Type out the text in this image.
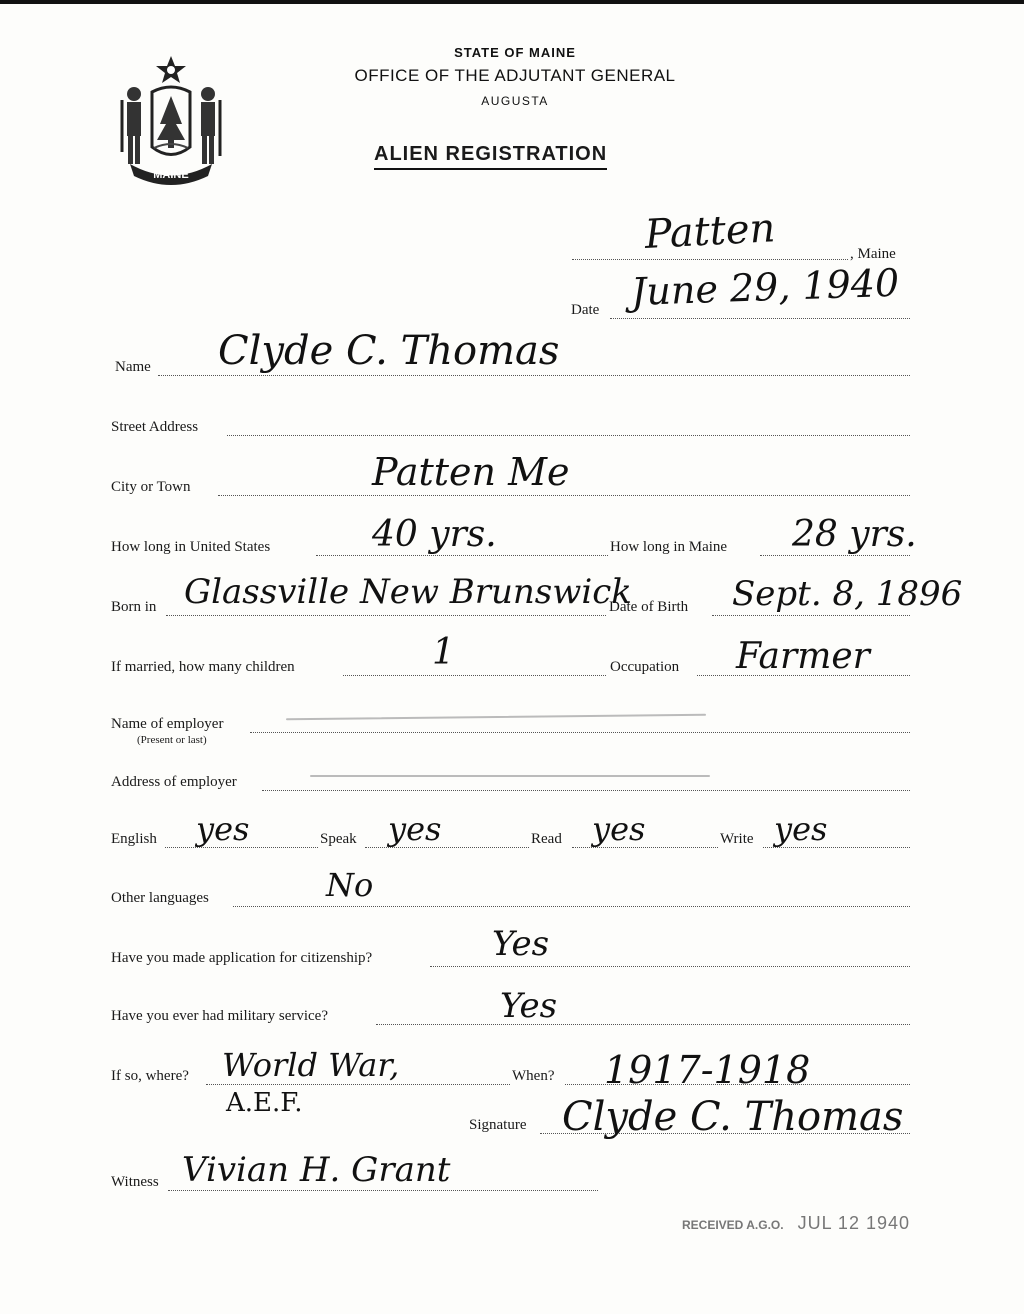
MAINE
STATE OF MAINE
OFFICE OF THE ADJUTANT GENERAL
AUGUSTA
ALIEN REGISTRATION
Patten	, Maine
Date June 29, 1940
Name Clyde C. Thomas
Street Address
City or Town	Patten Me
How long in United States	40 yrs.	How long in Maine 28 yrs.
Born in Glassville New Brunswick
Date of Birth Sept. 8, 1896
If married, how many children	1	Occupation Farmer
Name of employer
(Present or last)
Address of employer
English yes	Speak yes	Read yes	Write yes
Other languages	No
Have you made application for citizenship?	Yes
Have you ever had military service?	Yes
If so, where? World War,
A.E.F.
When? 1917-1918
Signature Clyde C. Thomas
Witness Vivian H. Grant
RECEIVED A.G.O. JUL 12 1940
